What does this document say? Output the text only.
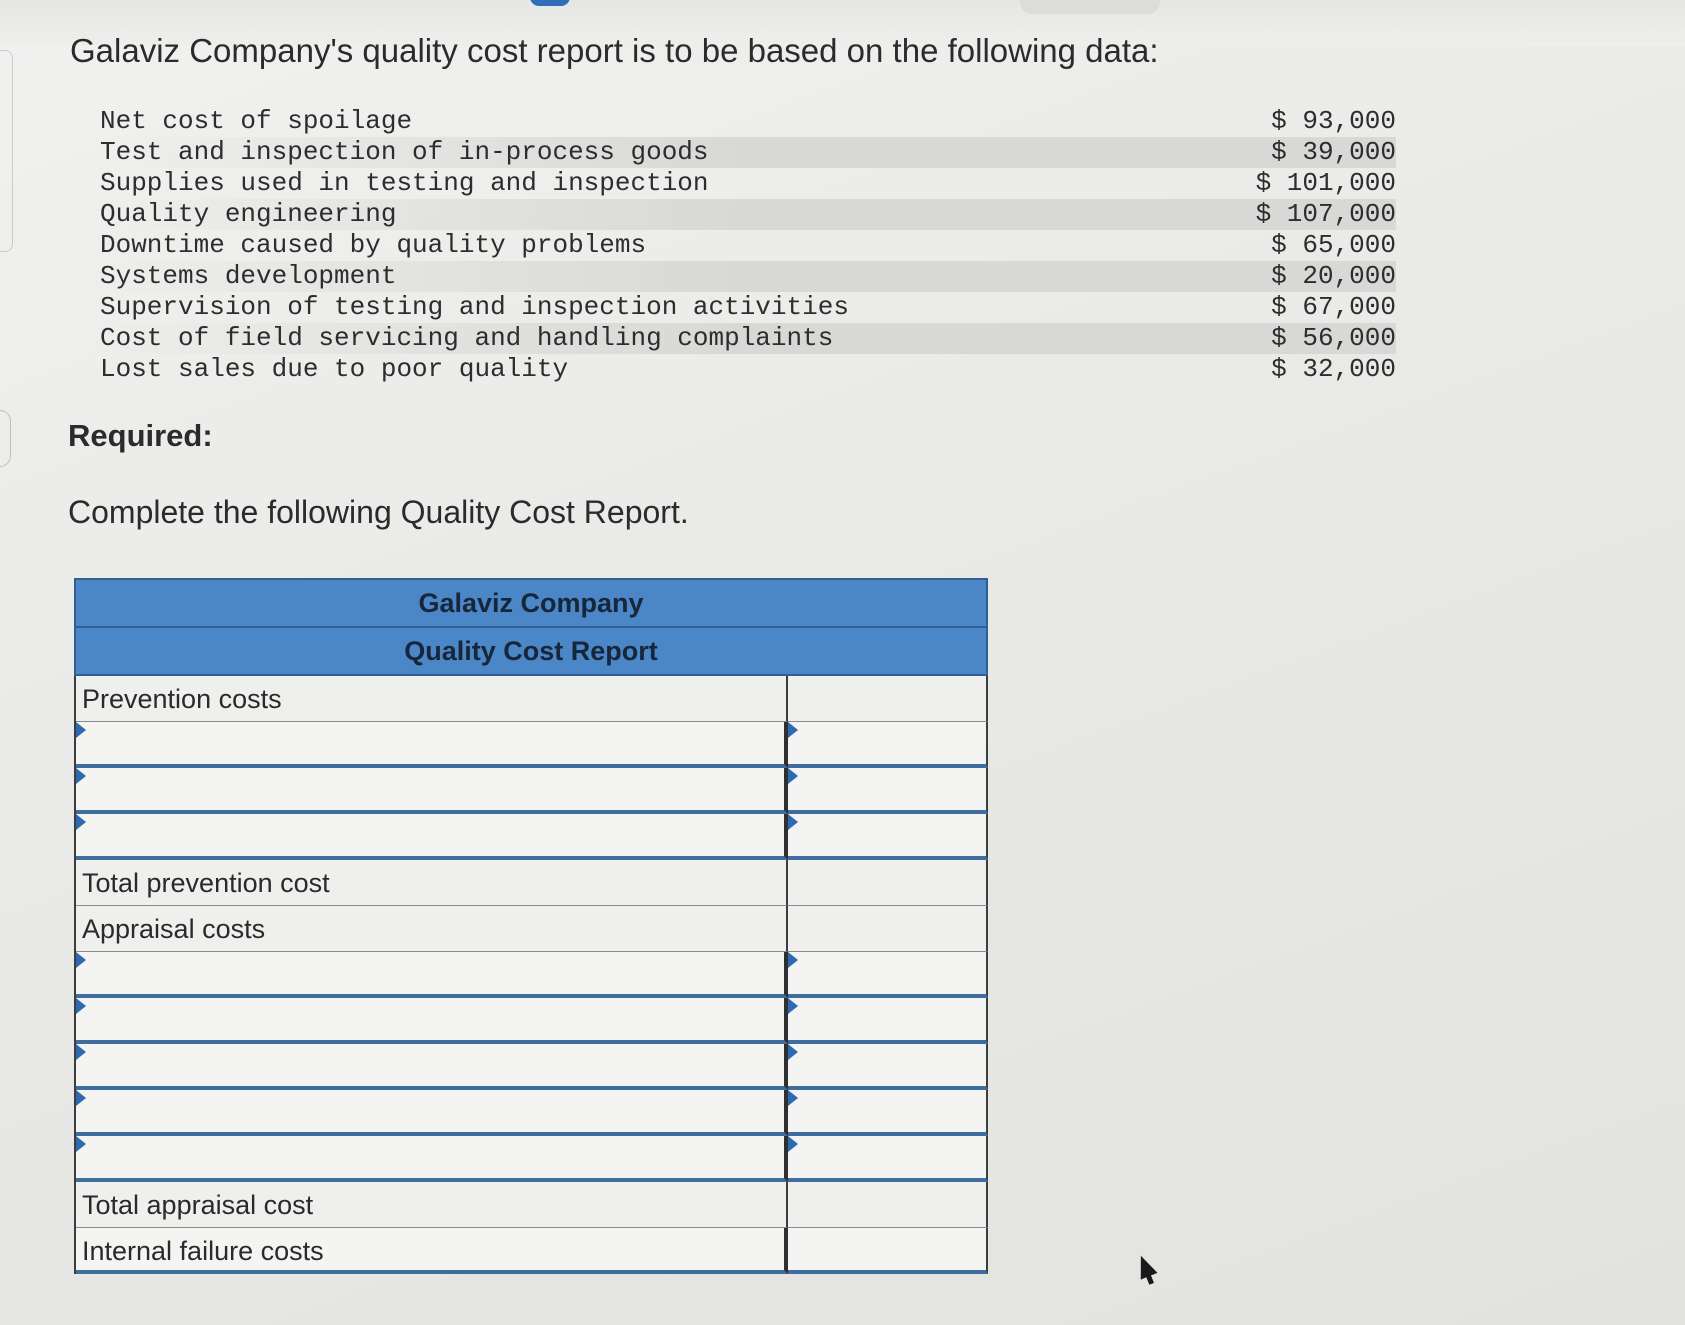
Galaviz Company's quality cost report is to be based on the following data:
Net cost of spoilage	$ 93,000
Test and inspection of in-process goods	$ 39,000
Supplies used in testing and inspection	$ 101,000
Quality engineering	$ 107,000
Downtime caused by quality problems	$ 65,000
Systems development	$ 20,000
Supervision of testing and inspection activities	$ 67,000
Cost of field servicing and handling complaints	$ 56,000
Lost sales due to poor quality	$ 32,000
Required:
Complete the following Quality Cost Report.
Galaviz Company
Quality Cost Report
Prevention costs
Total prevention cost
Appraisal costs
Total appraisal cost
Internal failure costs
